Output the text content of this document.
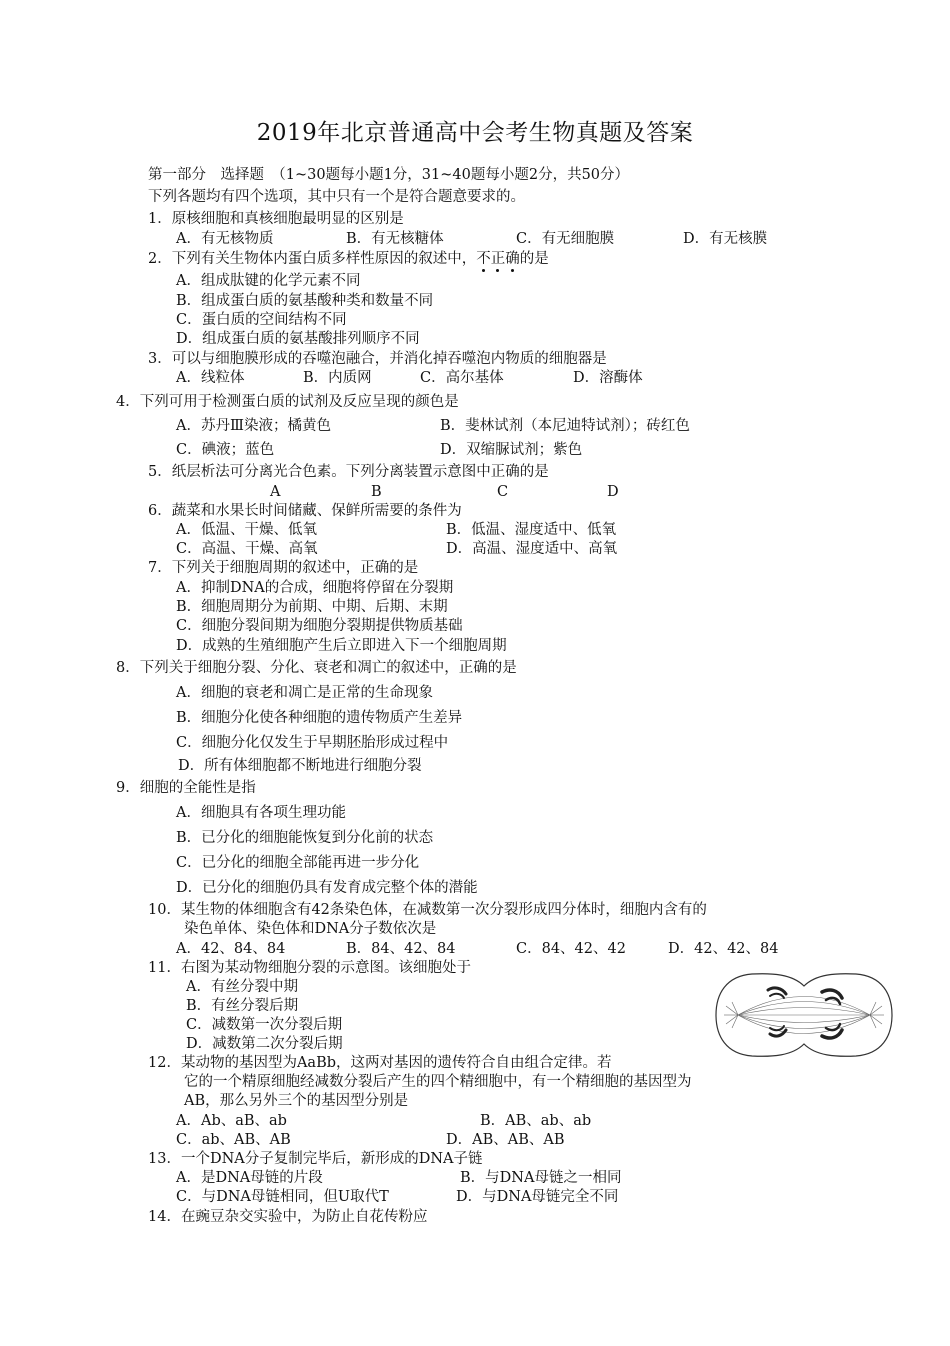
2019年北京普通高中会考生物真题及答案
第一部分　选择题　（1~30题每小题1分，31~40题每小题2分，共50分）
下列各题均有四个选项，其中只有一个是符合题意要求的。
1．原核细胞和真核细胞最明显的区别是
A．有无核物质	B．有无核糖体	C．有无细胞膜	D．有无核膜
2．下列有关生物体内蛋白质多样性原因的叙述中，不正确的是
A．组成肽键的化学元素不同
B．组成蛋白质的氨基酸种类和数量不同
C．蛋白质的空间结构不同
D．组成蛋白质的氨基酸排列顺序不同
3．可以与细胞膜形成的吞噬泡融合，并消化掉吞噬泡内物质的细胞器是
A．线粒体	B．内质网	C．高尔基体	D．溶酶体
4．下列可用于检测蛋白质的试剂及反应呈现的颜色是
A．苏丹Ⅲ染液；橘黄色	B．斐林试剂（本尼迪特试剂）；砖红色
C．碘液；蓝色	D．双缩脲试剂；紫色
5．纸层析法可分离光合色素。下列分离装置示意图中正确的是
A	B	C	D
6．蔬菜和水果长时间储藏、保鲜所需要的条件为
A．低温、干燥、低氧	B．低温、湿度适中、低氧
C．高温、干燥、高氧	D．高温、湿度适中、高氧
7．下列关于细胞周期的叙述中，正确的是
A．抑制DNA的合成，细胞将停留在分裂期
B．细胞周期分为前期、中期、后期、末期
C．细胞分裂间期为细胞分裂期提供物质基础
D．成熟的生殖细胞产生后立即进入下一个细胞周期
8．下列关于细胞分裂、分化、衰老和凋亡的叙述中，正确的是
A．细胞的衰老和凋亡是正常的生命现象
B．细胞分化使各种细胞的遗传物质产生差异
C．细胞分化仅发生于早期胚胎形成过程中
D．所有体细胞都不断地进行细胞分裂
9．细胞的全能性是指
A．细胞具有各项生理功能
B．已分化的细胞能恢复到分化前的状态
C．已分化的细胞全部能再进一步分化
D．已分化的细胞仍具有发育成完整个体的潜能
10．某生物的体细胞含有42条染色体，在减数第一次分裂形成四分体时，细胞内含有的
染色单体、染色体和DNA分子数依次是
A．42、84、84	B．84、42、84	C．84、42、42	D．42、42、84
11．右图为某动物细胞分裂的示意图。该细胞处于
A．有丝分裂中期
B．有丝分裂后期
C．减数第一次分裂后期
D．减数第二次分裂后期
12．某动物的基因型为AaBb，这两对基因的遗传符合自由组合定律。若
它的一个精原细胞经减数分裂后产生的四个精细胞中，有一个精细胞的基因型为
AB，那么另外三个的基因型分别是
A．Ab、aB、ab	B．AB、ab、ab
C．ab、AB、AB	D．AB、AB、AB
13．一个DNA分子复制完毕后，新形成的DNA子链
A．是DNA母链的片段	B．与DNA母链之一相同
C．与DNA母链相同，但U取代T	D．与DNA母链完全不同
14．在豌豆杂交实验中，为防止自花传粉应
